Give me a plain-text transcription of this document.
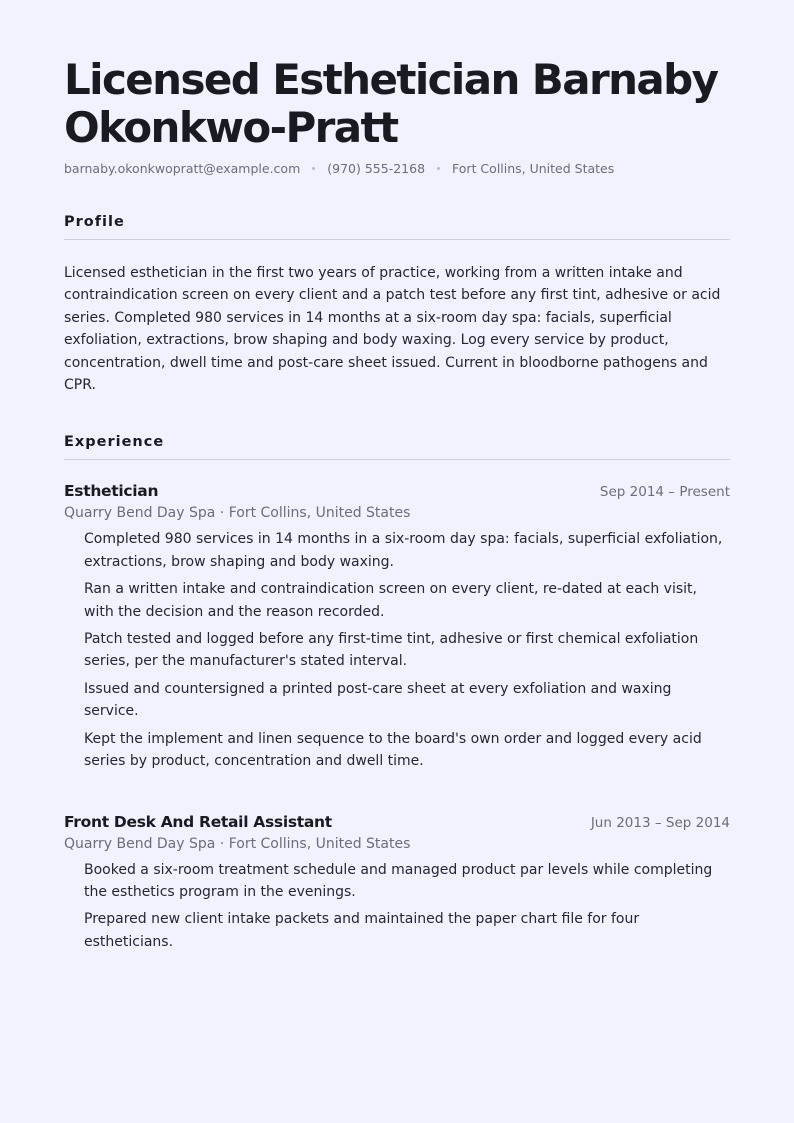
Licensed Esthetician Barnaby Okonkwo-Pratt
barnaby.okonkwopratt@example.com (970) 555-2168 Fort Collins, United States
Profile

Licensed esthetician in the first two years of practice, working from a written intake and contraindication screen on every client and a patch test before any first tint, adhesive or acid series. Completed 980 services in 14 months at a six-room day spa: facials, superficial exfoliation, extractions, brow shaping and body waxing. Log every service by product, concentration, dwell time and post-care sheet issued. Current in bloodborne pathogens and CPR.

Experience
Esthetician	Sep 2014 – Present
Quarry Bend Day Spa · Fort Collins, United States
Completed 980 services in 14 months in a six-room day spa: facials, superficial exfoliation, extractions, brow shaping and body waxing.
Ran a written intake and contraindication screen on every client, re-dated at each visit, with the decision and the reason recorded.
Patch tested and logged before any first-time tint, adhesive or first chemical exfoliation series, per the manufacturer's stated interval.
Issued and countersigned a printed post-care sheet at every exfoliation and waxing service.
Kept the implement and linen sequence to the board's own order and logged every acid series by product, concentration and dwell time.
Front Desk And Retail Assistant	Jun 2013 – Sep 2014
Quarry Bend Day Spa · Fort Collins, United States
Booked a six-room treatment schedule and managed product par levels while completing the esthetics program in the evenings.
Prepared new client intake packets and maintained the paper chart file for four estheticians.
